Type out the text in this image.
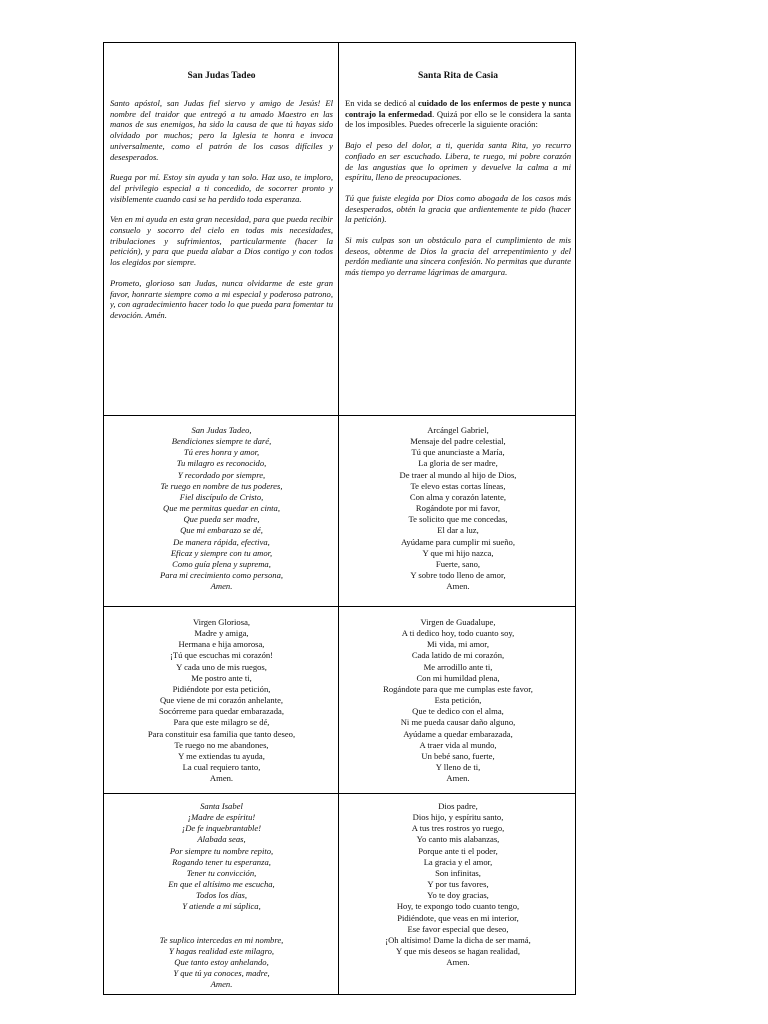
San Judas Tadeo

Santo apóstol, san Judas fiel siervo y amigo de Jesús! El nombre del traidor que entregó a tu amado Maestro en las manos de sus enemigos, ha sido la causa de que tú hayas sido olvidado por muchos; pero la Iglesia te honra e invoca universalmente, como el patrón de los casos difíciles y desesperados.

Ruega por mí. Estoy sin ayuda y tan solo. Haz uso, te imploro, del privilegio especial a ti concedido, de socorrer pronto y visiblemente cuando casi se ha perdido toda esperanza.

Ven en mi ayuda en esta gran necesidad, para que pueda recibir consuelo y socorro del cielo en todas mis necesidades, tribulaciones y sufrimientos, particularmente (hacer la petición), y para que pueda alabar a Dios contigo y con todos los elegidos por siempre.

Prometo, glorioso san Judas, nunca olvidarme de este gran favor, honrarte siempre como a mi especial y poderoso patrono, y, con agradecimiento hacer todo lo que pueda para fomentar tu devoción. Amén.

Santa Rita de Casia

En vida se dedicó al cuidado de los enfermos de peste y nunca contrajo la enfermedad. Quizá por ello se le considera la santa de los imposibles. Puedes ofrecerle la siguiente oración:

Bajo el peso del dolor, a ti, querida santa Rita, yo recurro confiado en ser escuchado. Libera, te ruego, mi pobre corazón de las angustias que lo oprimen y devuelve la calma a mi espíritu, lleno de preocupaciones.

Tú que fuiste elegida por Dios como abogada de los casos más desesperados, obtén la gracia que ardientemente te pido (hacer la petición).

Si mis culpas son un obstáculo para el cumplimiento de mis deseos, obtenme de Dios la gracia del arrepentimiento y del perdón mediante una sincera confesión. No permitas que durante más tiempo yo derrame lágrimas de amargura.

San Judas Tadeo,
Bendiciones siempre te daré,
Tú eres honra y amor,
Tu milagro es reconocido,
Y recordado por siempre,
Te ruego en nombre de tus poderes,
Fiel discípulo de Cristo,
Que me permitas quedar en cinta,
Que pueda ser madre,
Que mi embarazo se dé,
De manera rápida, efectiva,
Eficaz y siempre con tu amor,
Como guía plena y suprema,
Para mi crecimiento como persona,
Amen.
Arcángel Gabriel,
Mensaje del padre celestial,
Tú que anunciaste a María,
La gloria de ser madre,
De traer al mundo al hijo de Dios,
Te elevo estas cortas líneas,
Con alma y corazón latente,
Rogándote por mi favor,
Te solicito que me concedas,
El dar a luz,
Ayúdame para cumplir mi sueño,
Y que mi hijo nazca,
Fuerte, sano,
Y sobre todo lleno de amor,
Amen.
Virgen Gloriosa,
Madre y amiga,
Hermana e hija amorosa,
¡Tú que escuchas mi corazón!
Y cada uno de mis ruegos,
Me postro ante ti,
Pidiéndote por esta petición,
Que viene de mi corazón anhelante,
Socórreme para quedar embarazada,
Para que este milagro se dé,
Para constituir esa familia que tanto deseo,
Te ruego no me abandones,
Y me extiendas tu ayuda,
La cual requiero tanto,
Amen.
Virgen de Guadalupe,
A ti dedico hoy, todo cuanto soy,
Mi vida, mi amor,
Cada latido de mi corazón,
Me arrodillo ante ti,
Con mi humildad plena,
Rogándote para que me cumplas este favor,
Esta petición,
Que te dedico con el alma,
Ni me pueda causar daño alguno,
Ayúdame a quedar embarazada,
A traer vida al mundo,
Un bebé sano, fuerte,
Y lleno de ti,
Amen.
Santa Isabel
¡Madre de espíritu!
¡De fe inquebrantable!
Alabada seas,
Por siempre tu nombre repito,
Rogando tener tu esperanza,
Tener tu convicción,
En que el altísimo me escucha,
Todos los días,
Y atiende a mi súplica,
Te suplico intercedas en mi nombre,
Y hagas realidad este milagro,
Que tanto estoy anhelando,
Y que tú ya conoces, madre,
Amen.
Dios padre,
Dios hijo, y espíritu santo,
A tus tres rostros yo ruego,
Yo canto mis alabanzas,
Porque ante ti el poder,
La gracia y el amor,
Son infinitas,
Y por tus favores,
Yo te doy gracias,
Hoy, te expongo todo cuanto tengo,
Pidiéndote, que veas en mi interior,
Ese favor especial que deseo,
¡Oh altísimo! Dame la dicha de ser mamá,
Y que mis deseos se hagan realidad,
Amen.
